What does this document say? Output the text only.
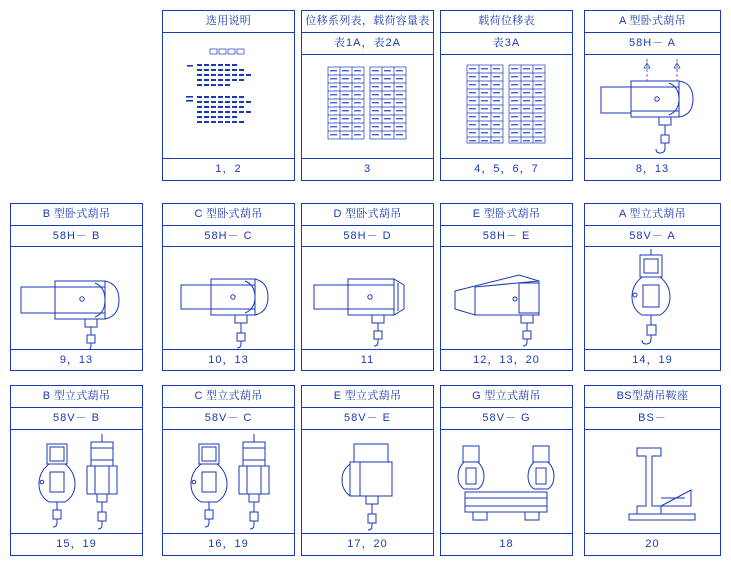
选用说明
1，2
位移系列表，载荷容量表
表1A，表2A
3
载荷位移表
表3A
4，5，6，7
A 型卧式葫吊
58H－ A
8，13
B 型卧式葫吊
58H－ B
9，13
C 型卧式葫吊
58H－ C
10，13
D 型卧式葫吊
58H－ D
11
E 型卧式葫吊
58H－ E
12，13，20
A 型立式葫吊
58V－ A
14，19
B 型立式葫吊
58V－ B
15，19
C 型立式葫吊
58V－ C
16，19
E 型立式葫吊
58V－ E
17，20
G 型立式葫吊
58V－ G
18
BS型葫吊鞍座
BS－
20
